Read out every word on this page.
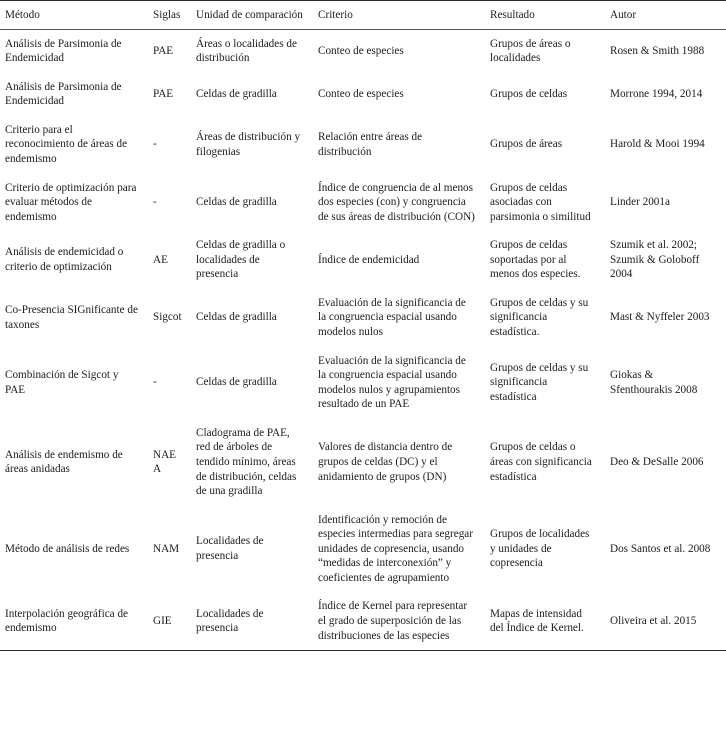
Método	Siglas	Unidad de comparación	Criterio	Resultado	Autor
Análisis de Parsimonia de Endemicidad	PAE	Áreas o localidades de distribución	Conteo de especies	Grupos de áreas o localidades	Rosen & Smith 1988
Análisis de Parsimonia de Endemicidad	PAE	Celdas de gradilla	Conteo de especies	Grupos de celdas	Morrone 1994, 2014
Criterio para el reconocimiento de áreas de endemismo	-	Áreas de distribución y filogenias	Relación entre áreas de distribución	Grupos de áreas	Harold & Mooi 1994
Criterio de optimización para evaluar métodos de endemismo	-	Celdas de gradilla	Índice de congruencia de al menos dos especies (con) y congruencia de sus áreas de distribución (CON)	Grupos de celdas asociadas con parsimonia o similitud	Linder 2001a
Análisis de endemicidad o criterio de optimización	AE	Celdas de gradilla o localidades de presencia	Índice de endemicidad	Grupos de celdas soportadas por al menos dos especies.	Szumik et al. 2002; Szumik & Goloboff 2004
Co-Presencia SIGnificante de taxones	Sigcot	Celdas de gradilla	Evaluación de la significancia de la congruencia espacial usando modelos nulos	Grupos de celdas y su significancia estadística.	Mast & Nyffeler 2003
Combinación de Sigcot y PAE	-	Celdas de gradilla	Evaluación de la significancia de la congruencia espacial usando modelos nulos y agrupamientos resultado de un PAE	Grupos de celdas y su significancia estadística	Giokas & Sfenthourakis 2008
Análisis de endemismo de áreas anidadas	NAEA	Cladograma de PAE, red de árboles de tendido mínimo, áreas de distribución, celdas de una gradilla	Valores de distancia dentro de grupos de celdas (DC) y el anidamiento de grupos (DN)	Grupos de celdas o áreas con significancia estadística	Deo & DeSalle 2006
Método de análisis de redes	NAM	Localidades de presencia	Identificación y remoción de especies intermedias para segregar unidades de copresencia, usando “medidas de interconexión” y coeficientes de agrupamiento	Grupos de localidades y unidades de copresencia	Dos Santos et al. 2008
Interpolación geográfica de endemismo	GIE	Localidades de presencia	Índice de Kernel para representar el grado de superposición de las distribuciones de las especies	Mapas de intensidad del Índice de Kernel.	Oliveira et al. 2015
